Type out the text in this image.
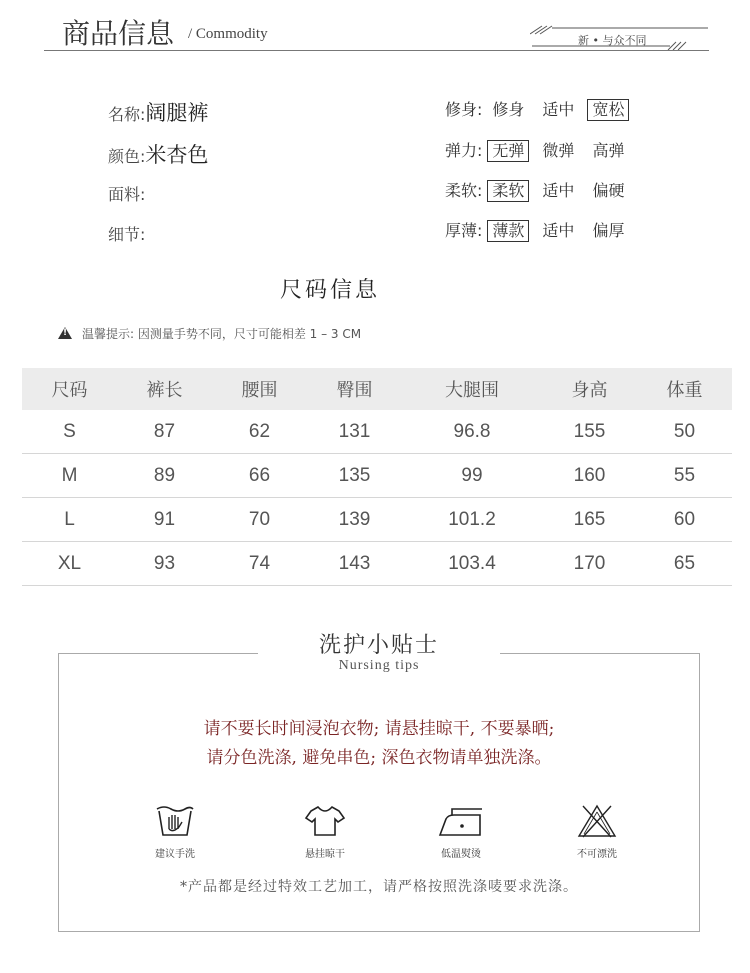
商品信息 / Commodity	新 • 与众不同
名称:阔腿裤
颜色:米杏色
面料:
细节:
修身: 修身 适中 宽松
弹力: 无弹 微弹 高弹
柔软: 柔软 适中 偏硬
厚薄: 薄款 适中 偏厚
尺码信息
!温馨提示: 因测量手势不同，尺寸可能相差 1 – 3 CM
尺码	裤长	腰围	臀围	大腿围	身高	体重
S	87	62	131	96.8	155	50
M	89	66	135	99	160	55
L	91	70	139	101.2	165	60
XL	93	74	143	103.4	170	65
洗护小贴士
Nursing tips
请不要长时间浸泡衣物; 请悬挂晾干, 不要暴晒;
请分色洗涤, 避免串色; 深色衣物请单独洗涤。
建议手洗	悬挂晾干	低温熨烫	不可漂洗
*产品都是经过特效工艺加工，请严格按照洗涤唛要求洗涤。
